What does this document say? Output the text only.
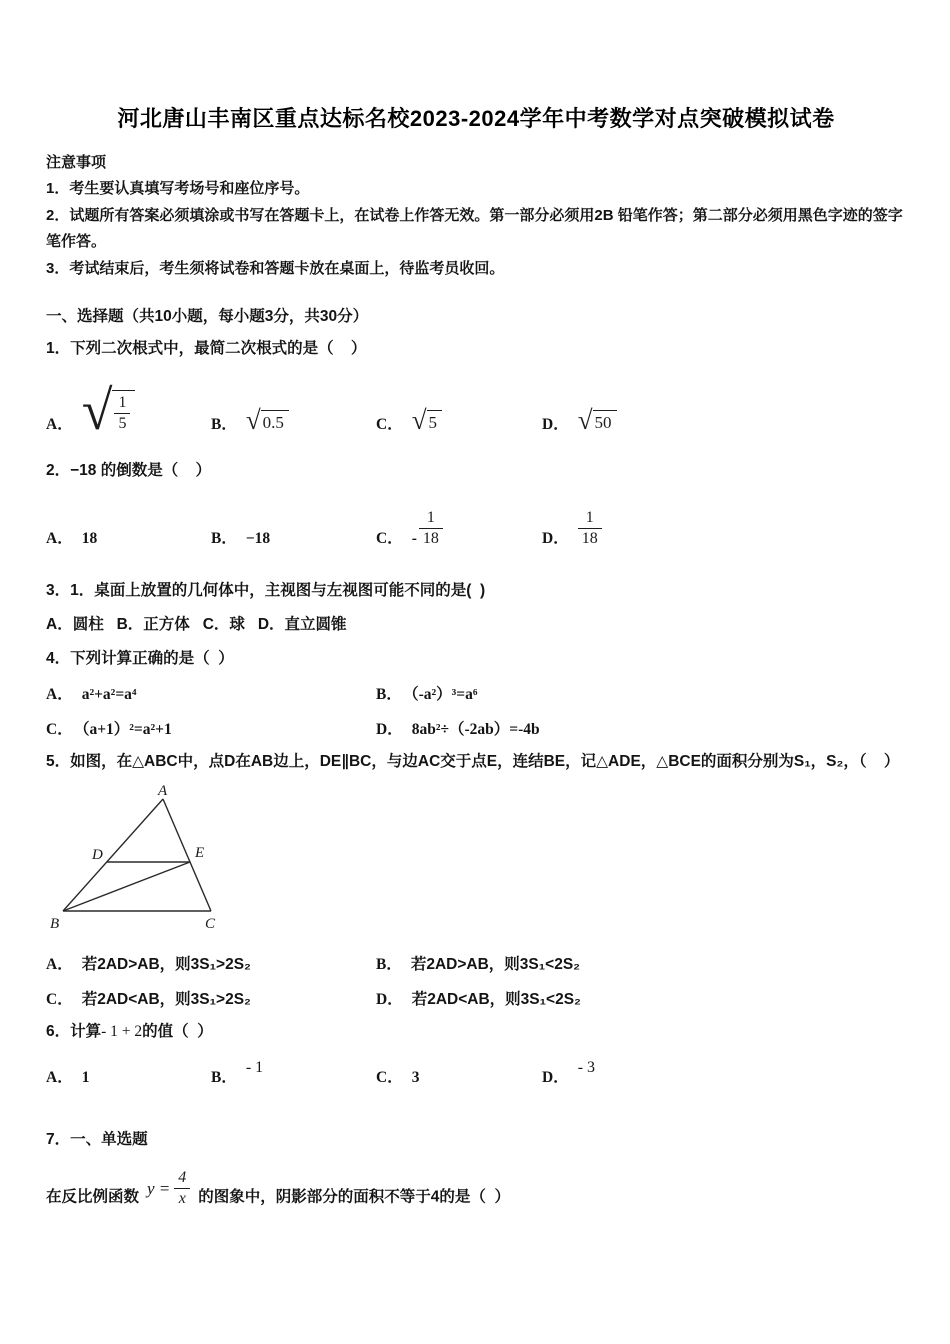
河北唐山丰南区重点达标名校2023-2024学年中考数学对点突破模拟试卷
注意事项
1．考生要认真填写考场号和座位序号。
2．试题所有答案必须填涂或书写在答题卡上，在试卷上作答无效。第一部分必须用2B 铅笔作答；第二部分必须用黑色字迹的签字笔作答。
3．考试结束后，考生须将试卷和答题卡放在桌面上，待监考员收回。
一、选择题（共10小题，每小题3分，共30分）
1．下列二次根式中，最简二次根式的是（    ）
A． √ $\frac{1}{5}$	B． √ 0.5	C． √ 5	D． √ 50
2．−18 的倒数是（    ）
A． 18	B． −18	C． - $\frac{1}{18}$	D． $\frac{1}{18}$
3．1．桌面上放置的几何体中，主视图与左视图可能不同的是(  )
A．圆柱   B．正方体   C．球   D．直立圆锥
4．下列计算正确的是（  ）
A． a²+a²=a⁴	B． （-a²）³=a⁶
C． （a+1）²=a²+1	D． 8ab²÷（-2ab）=-4b
5．如图，在△ABC中，点D在AB边上，DE∥BC，与边AC交于点E，连结BE，记△ADE，△BCE的面积分别为S₁，S₂，（    ）
A
B	C
D	E
A． 若2AD>AB，则3S₁>2S₂	B． 若2AD>AB，则3S₁<2S₂
C． 若2AD<AB，则3S₁>2S₂	D． 若2AD<AB，则3S₁<2S₂
6．计算- 1 + 2的值（  ）
A． 1	B．- 1
C． 3	D．- 3
7．一、单选题
在反比例函数 $y = \frac{4}{x}$ 的图象中，阴影部分的面积不等于4的是（  ）
